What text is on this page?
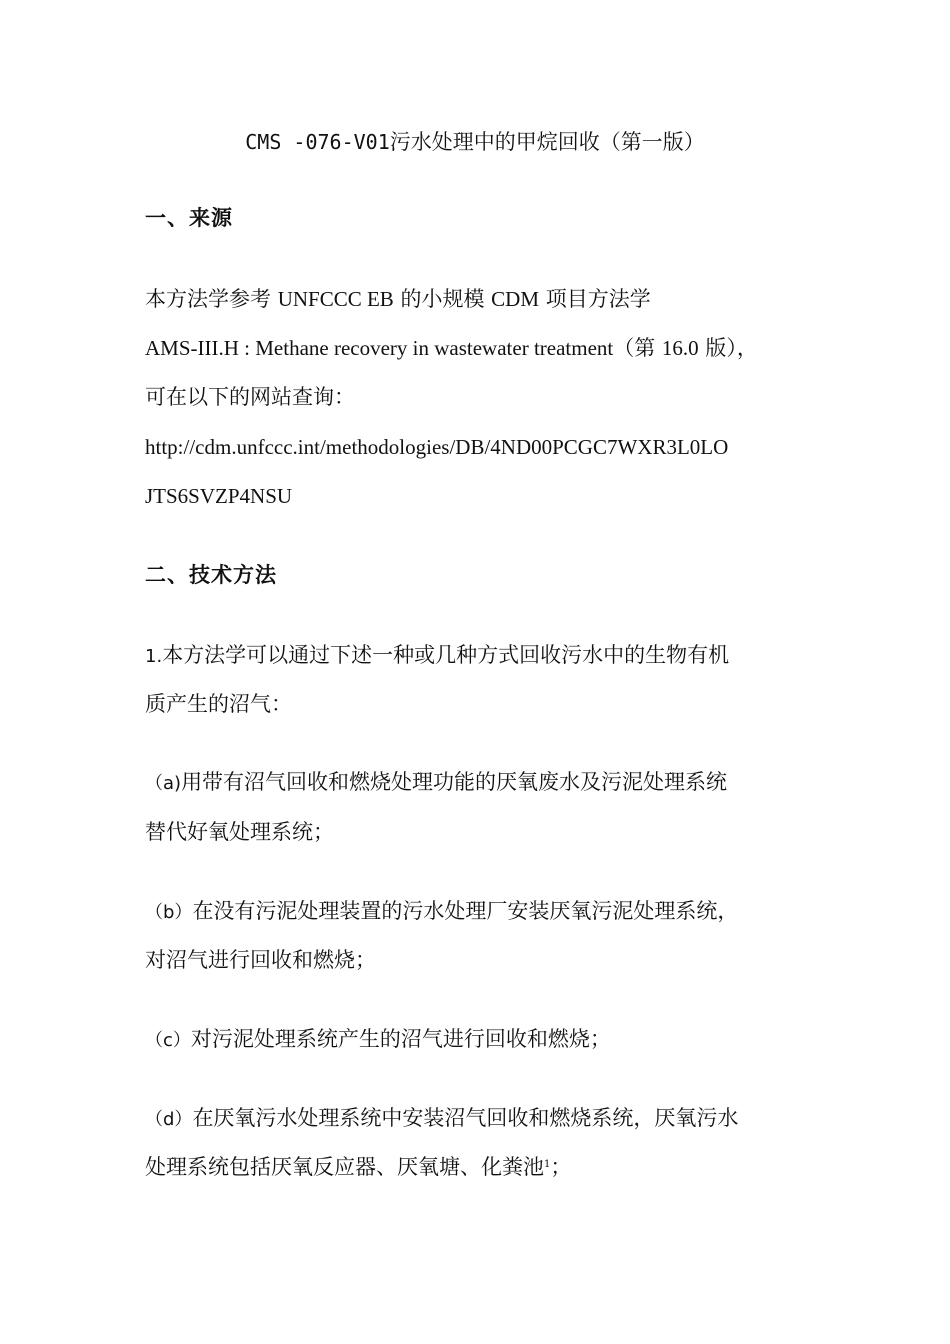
CMS -076-V01污水处理中的甲烷回收（第一版）
一、来源
本方法学参考 UNFCCC EB 的小规模 CDM 项目方法学
AMS-III.H : Methane recovery in wastewater treatment（第 16.0 版），
可在以下的网站查询：
http://cdm.unfccc.int/methodologies/DB/4ND00PCGC7WXR3L0LO
JTS6SVZP4NSU
二、技术方法
1.本方法学可以通过下述一种或几种方式回收污水中的生物有机
质产生的沼气：
（a)用带有沼气回收和燃烧处理功能的厌氧废水及污泥处理系统
替代好氧处理系统；
（b）在没有污泥处理装置的污水处理厂安装厌氧污泥处理系统，
对沼气进行回收和燃烧；
（c）对污泥处理系统产生的沼气进行回收和燃烧；
（d）在厌氧污水处理系统中安装沼气回收和燃烧系统，厌氧污水
处理系统包括厌氧反应器、厌氧塘、化粪池$^1$；
